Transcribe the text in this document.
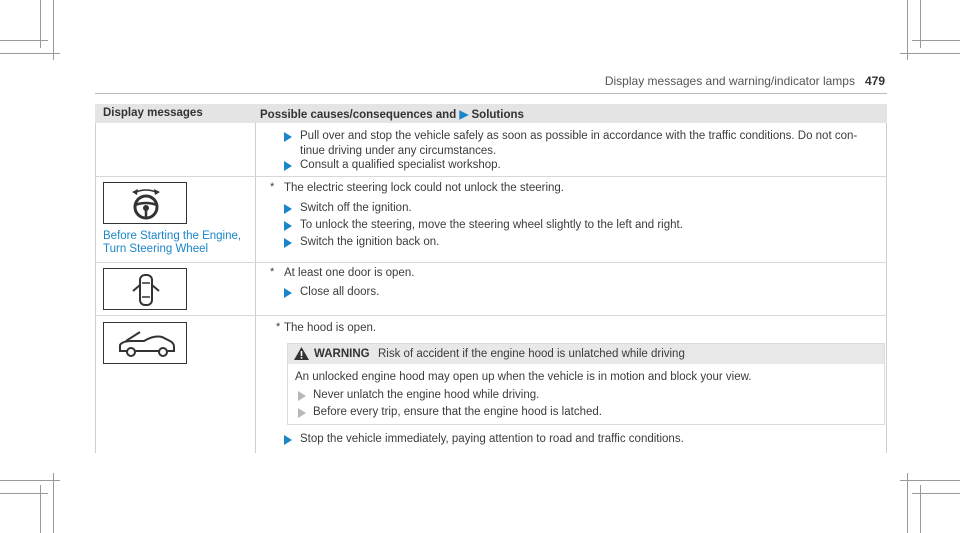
Display messages and warning/indicator lamps 479
Display messages	Possible causes/consequences and ▶ Solutions
Pull over and stop the vehicle safely as soon as possible in accordance with the traffic conditions. Do not con-
tinue driving under any circumstances.
Consult a qualified specialist workshop.
Before Starting the Engine,
Turn Steering Wheel
* The electric steering lock could not unlock the steering.
Switch off the ignition.
To unlock the steering, move the steering wheel slightly to the left and right.
Switch the ignition back on.
* At least one door is open.
Close all doors.
* The hood is open.
WARNING Risk of accident if the engine hood is unlatched while driving
An unlocked engine hood may open up when the vehicle is in motion and block your view.
Never unlatch the engine hood while driving.
Before every trip, ensure that the engine hood is latched.
Stop the vehicle immediately, paying attention to road and traffic conditions.
